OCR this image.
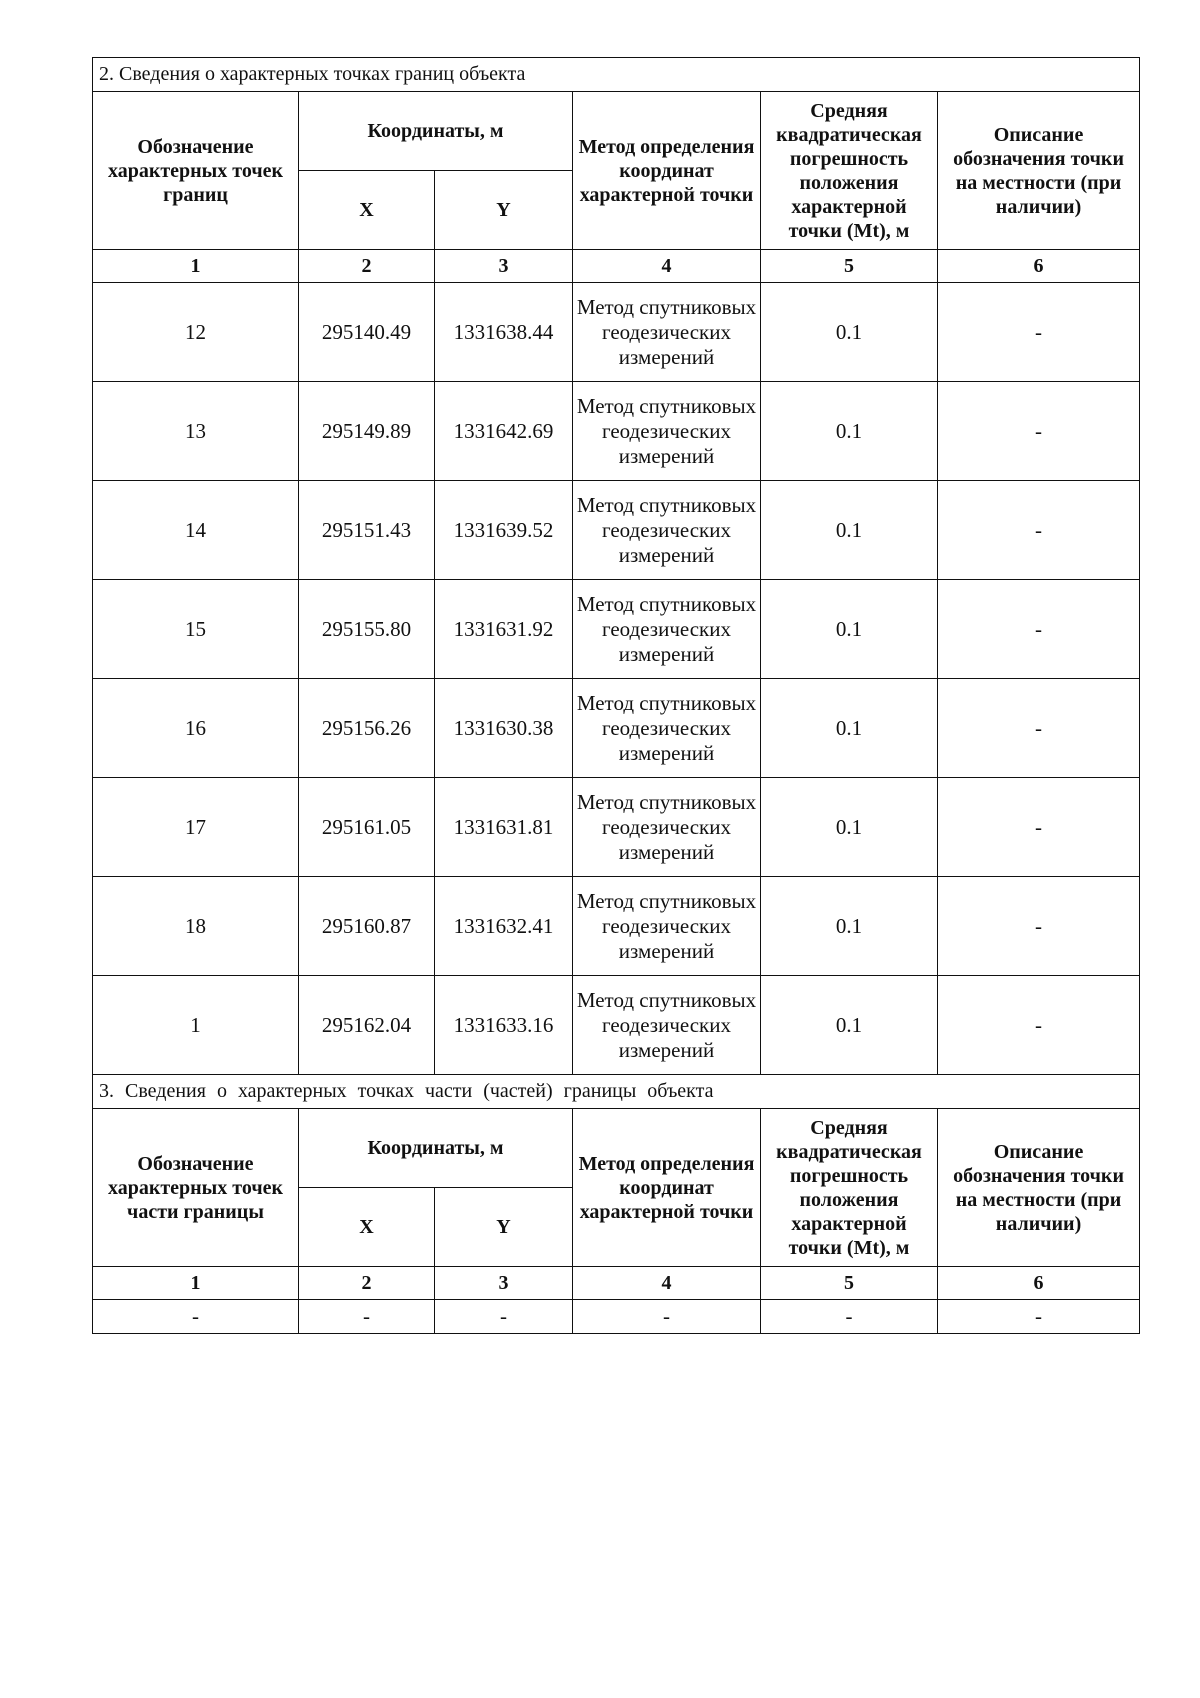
2. Сведения о характерных точках границ объекта					
Обозначение характерных точек границ	Координаты, м		Метод определения координат характерной точки	Средняя квадратическая погрешность положения характерной точки (Mt), м	Описание обозначения точки на местности (при наличии)
	X	Y			
1	2	3	4	5	6
12	295140.49	1331638.44	Метод спутниковых геодезических измерений	0.1	-
13	295149.89	1331642.69	Метод спутниковых геодезических измерений	0.1	-
14	295151.43	1331639.52	Метод спутниковых геодезических измерений	0.1	-
15	295155.80	1331631.92	Метод спутниковых геодезических измерений	0.1	-
16	295156.26	1331630.38	Метод спутниковых геодезических измерений	0.1	-
17	295161.05	1331631.81	Метод спутниковых геодезических измерений	0.1	-
18	295160.87	1331632.41	Метод спутниковых геодезических измерений	0.1	-
1	295162.04	1331633.16	Метод спутниковых геодезических измерений	0.1	-
3. Сведения о характерных точках части (частей) границы объекта					
Обозначение характерных точек части границы	Координаты, м		Метод определения координат характерной точки	Средняя квадратическая погрешность положения характерной точки (Mt), м	Описание обозначения точки на местности (при наличии)
	X	Y			
1	2	3	4	5	6
-	-	-	-	-	-
